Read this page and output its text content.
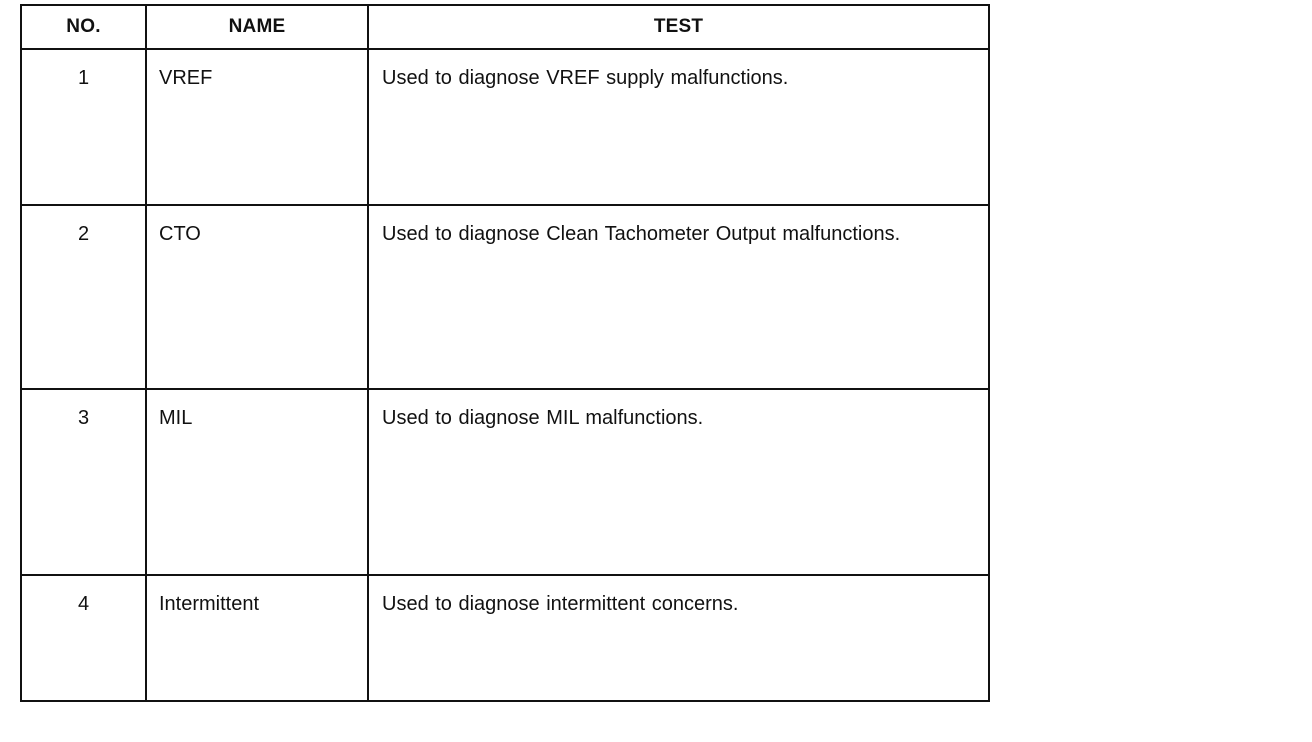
NO.	NAME	TEST

1	VREF	Used to diagnose VREF supply malfunctions.

2	CTO	Used to diagnose Clean Tachometer Output malfunctions.

3	MIL	Used to diagnose MIL malfunctions.

4	Intermittent	Used to diagnose intermittent concerns.
